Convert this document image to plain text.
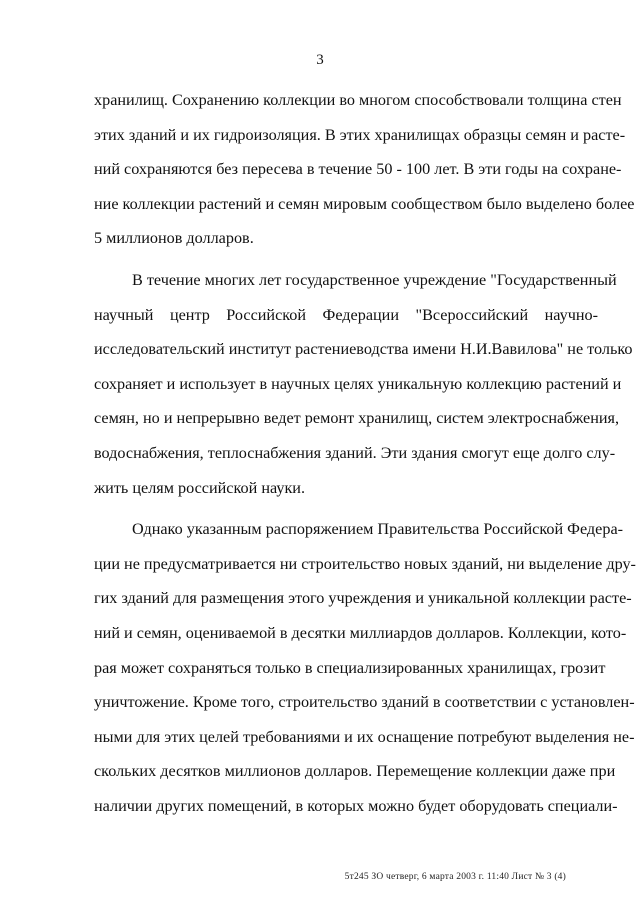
3
хранилищ. Сохранению коллекции во многом способствовали толщина стен
этих зданий и их гидроизоляция. В этих хранилищах образцы семян и расте-
ний сохраняются без пересева в течение 50 - 100 лет. В эти годы на сохране-
ние коллекции растений и семян мировым сообществом было выделено более
5 миллионов долларов.
В течение многих лет государственное учреждение "Государственный
научный центр Российской Федерации "Всероссийский научно-
исследовательский институт растениеводства имени Н.И.Вавилова" не только
сохраняет и использует в научных целях уникальную коллекцию растений и
семян, но и непрерывно ведет ремонт хранилищ, систем электроснабжения,
водоснабжения, теплоснабжения зданий. Эти здания смогут еще долго слу-
жить целям российской науки.
Однако указанным распоряжением Правительства Российской Федера-
ции не предусматривается ни строительство новых зданий, ни выделение дру-
гих зданий для размещения этого учреждения и уникальной коллекции расте-
ний и семян, оцениваемой в десятки миллиардов долларов. Коллекции, кото-
рая может сохраняться только в специализированных хранилищах, грозит
уничтожение. Кроме того, строительство зданий в соответствии с установлен-
ными для этих целей требованиями и их оснащение потребуют выделения не-
скольких десятков миллионов долларов. Перемещение коллекции даже при
наличии других помещений, в которых можно будет оборудовать специали-
5т245 ЗО четверг, 6 марта 2003 г. 11:40 Лист № 3 (4)
